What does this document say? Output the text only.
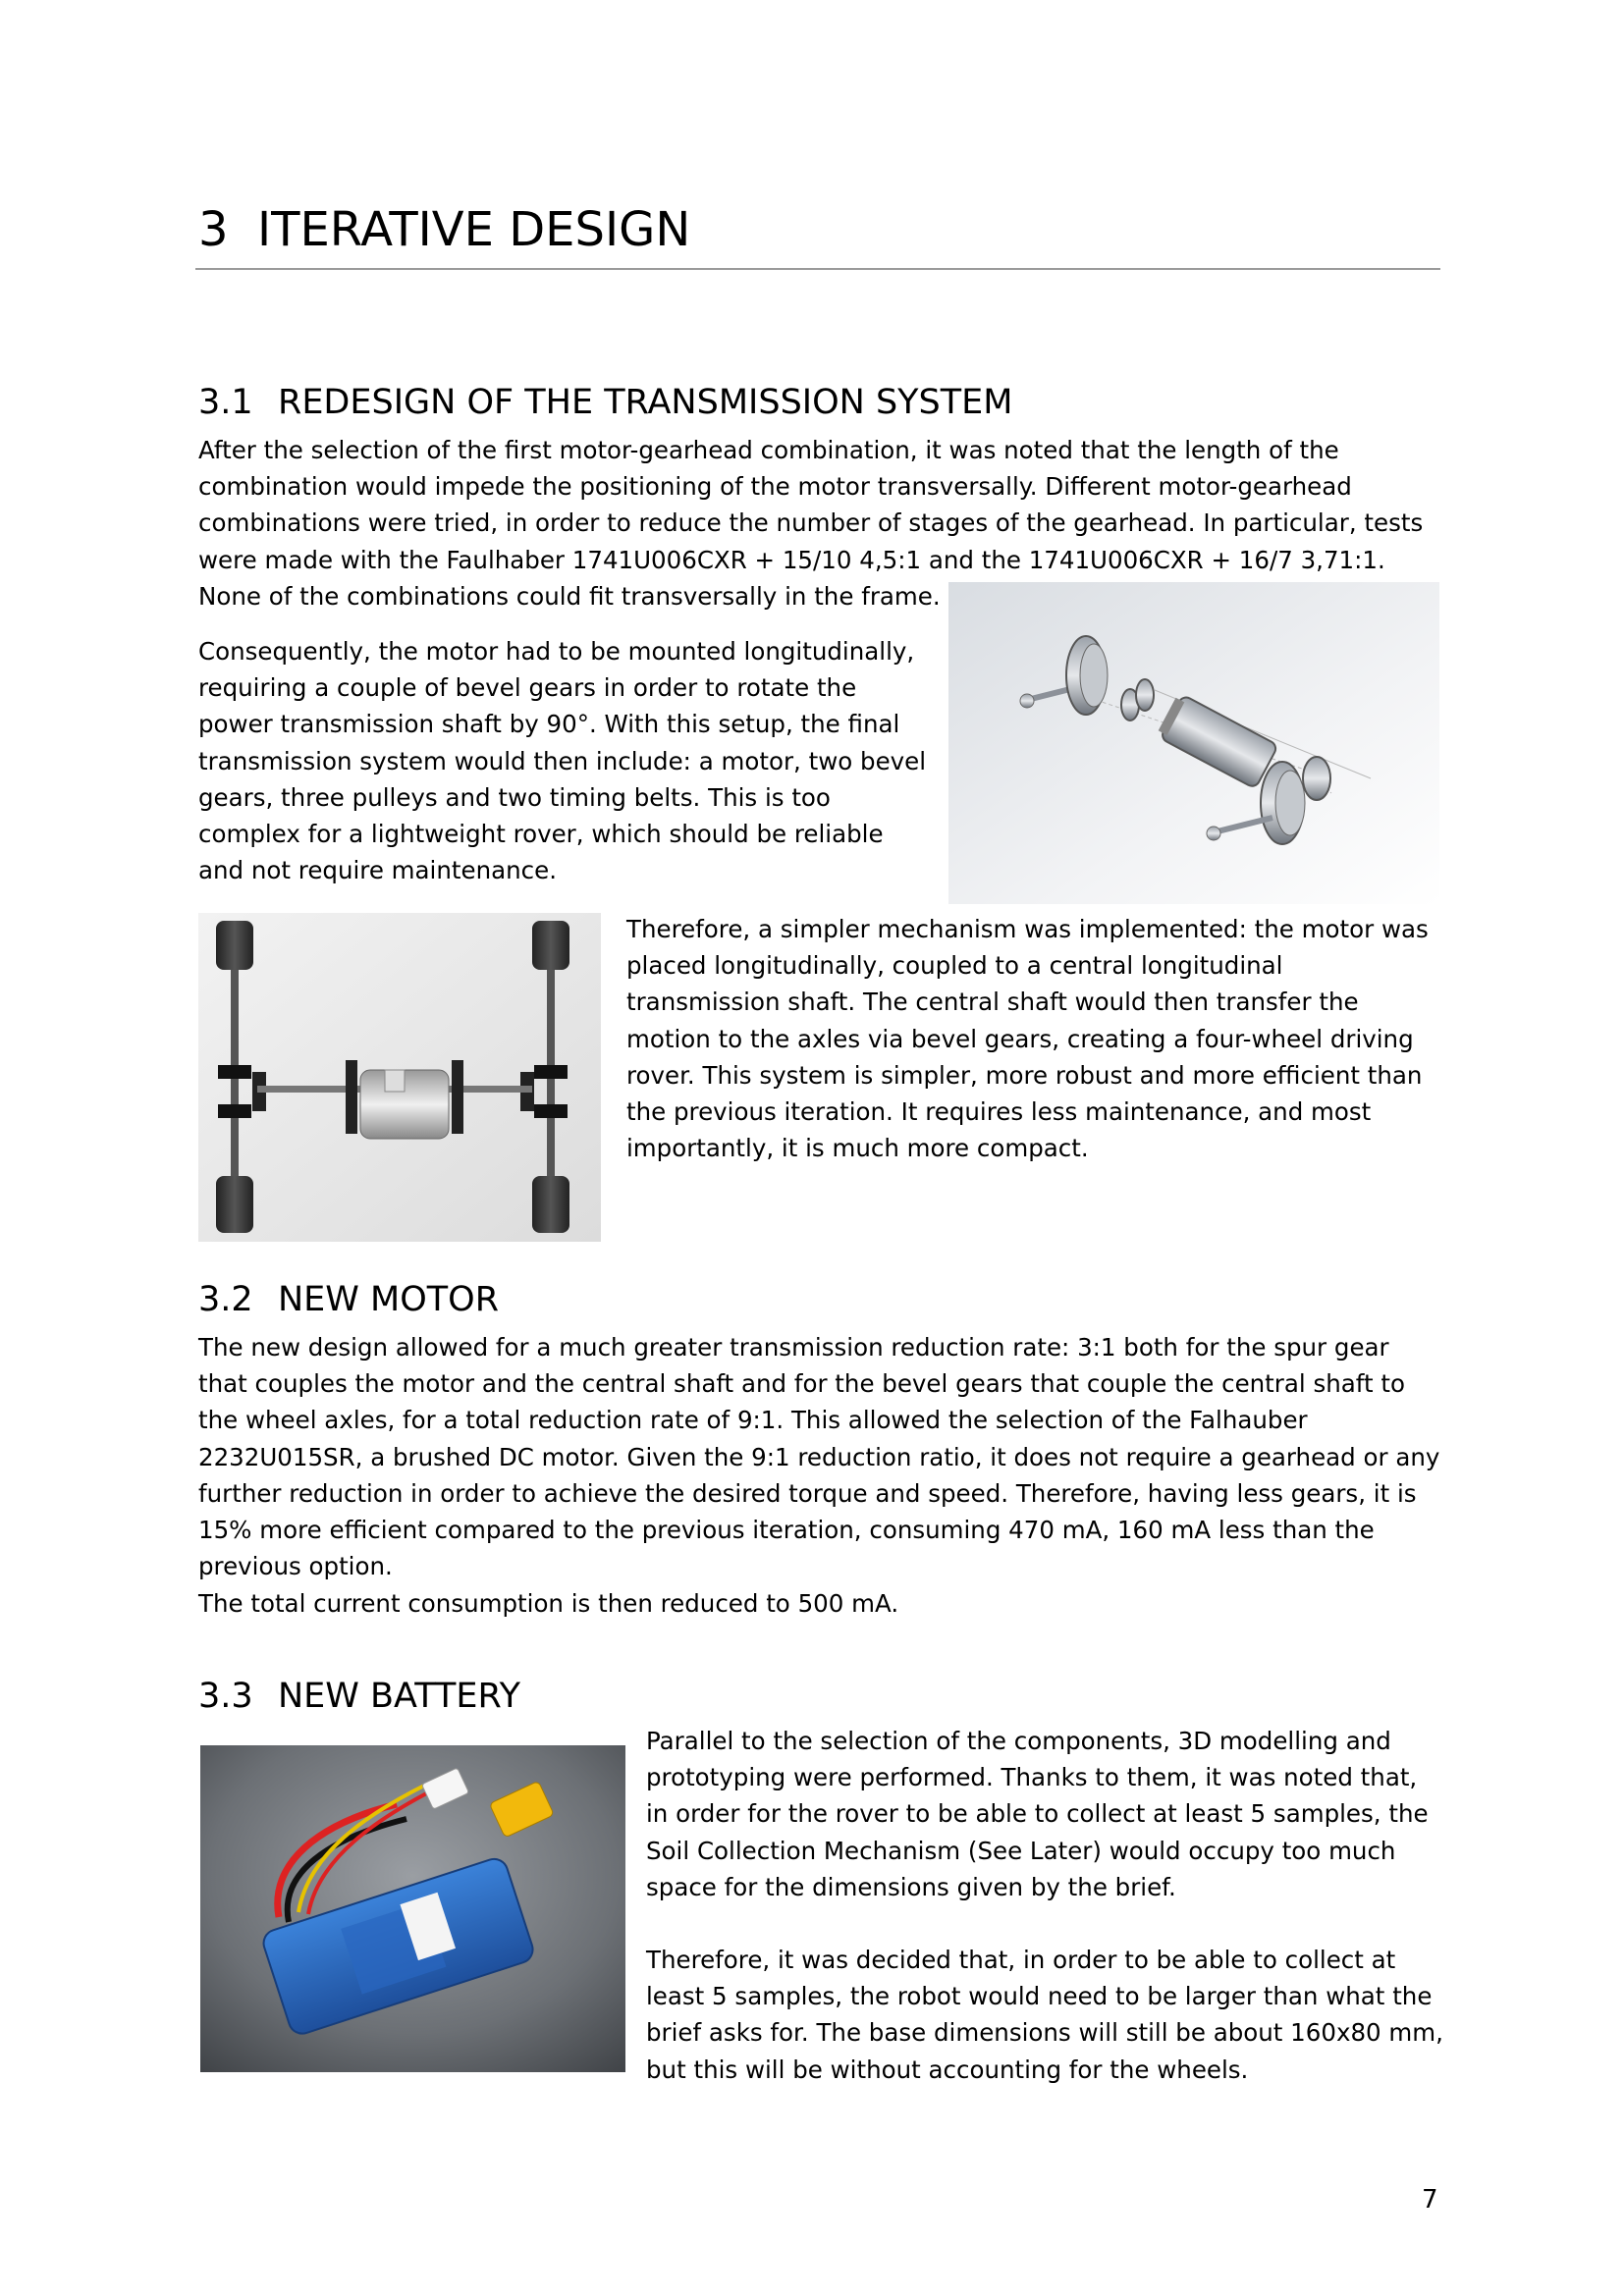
3 ITERATIVE DESIGN
3.1 REDESIGN OF THE TRANSMISSION SYSTEM

After the selection of the first motor-gearhead combination, it was noted that the length of the combination would impede the positioning of the motor transversally. Different motor-gearhead combinations were tried, in order to reduce the number of stages of the gearhead. In particular, tests were made with the Faulhaber 1741U006CXR + 15/10 4,5:1 and the 1741U006CXR + 16/7 3,71:1. None of the combinations could fit transversally in the frame.

Consequently, the motor had to be mounted longitudinally, requiring a couple of bevel gears in order to rotate the power transmission shaft by 90°. With this setup, the final transmission system would then include: a motor, two bevel gears, three pulleys and two timing belts. This is too complex for a lightweight rover, which should be reliable and not require maintenance.

Therefore, a simpler mechanism was implemented: the motor was placed longitudinally, coupled to a central longitudinal transmission shaft. The central shaft would then transfer the motion to the axles via bevel gears, creating a four-wheel driving rover. This system is simpler, more robust and more efficient than the previous iteration. It requires less maintenance, and most importantly, it is much more compact.

3.2 NEW MOTOR

The new design allowed for a much greater transmission reduction rate: 3:1 both for the spur gear that couples the motor and the central shaft and for the bevel gears that couple the central shaft to the wheel axles, for a total reduction rate of 9:1. This allowed the selection of the Falhauber 2232U015SR, a brushed DC motor. Given the 9:1 reduction ratio, it does not require a gearhead or any further reduction in order to achieve the desired torque and speed. Therefore, having less gears, it is 15% more efficient compared to the previous iteration, consuming 470 mA, 160 mA less than the previous option.

The total current consumption is then reduced to 500 mA.

3.3 NEW BATTERY

Parallel to the selection of the components, 3D modelling and prototyping were performed. Thanks to them, it was noted that, in order for the rover to be able to collect at least 5 samples, the Soil Collection Mechanism (See Later) would occupy too much space for the dimensions given by the brief.

Therefore, it was decided that, in order to be able to collect at least 5 samples, the robot would need to be larger than what the brief asks for. The base dimensions will still be about 160x80 mm, but this will be without accounting for the wheels.

7
